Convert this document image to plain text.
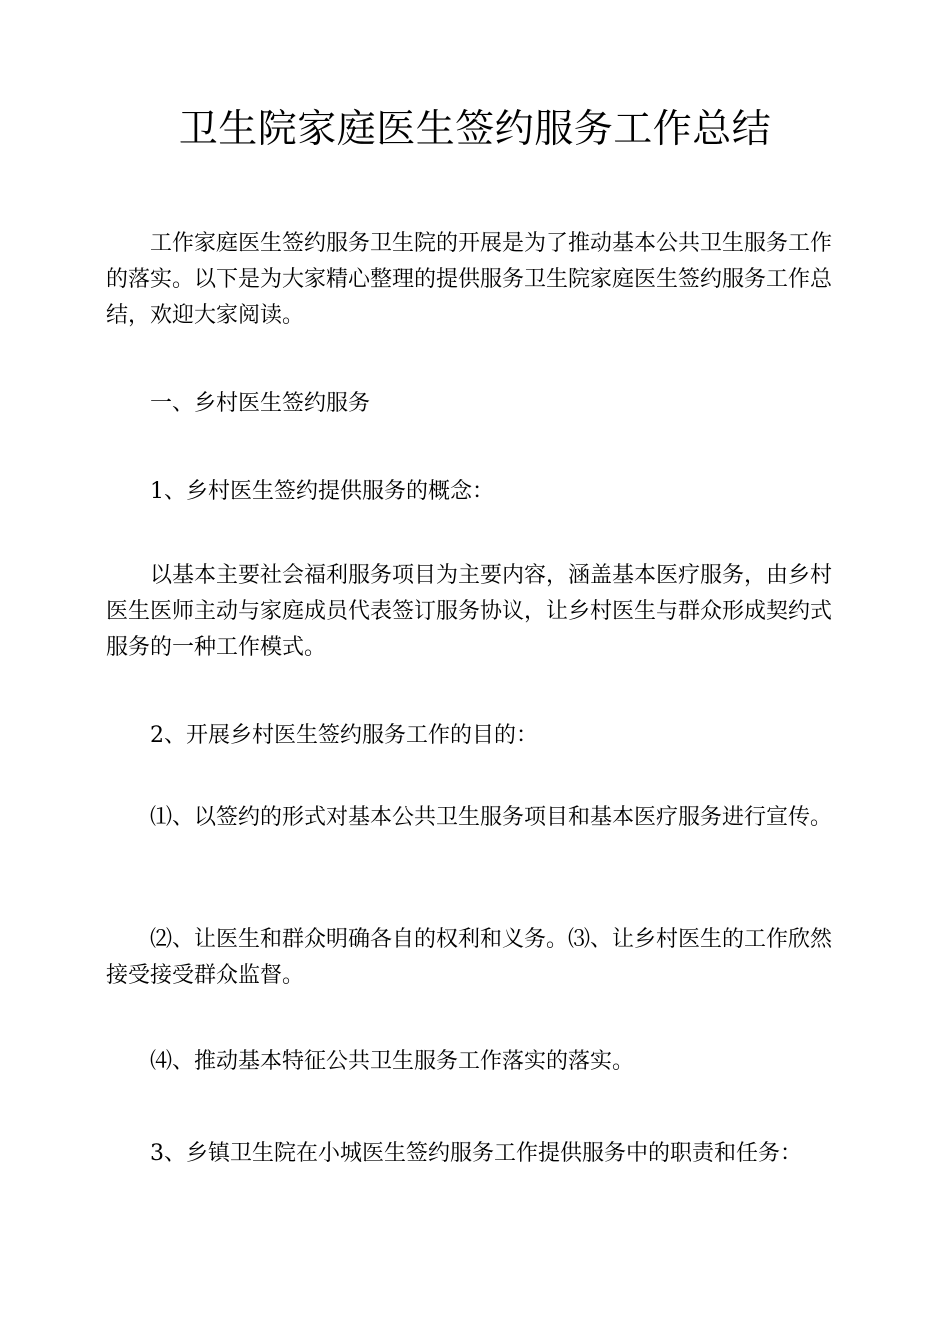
卫生院家庭医生签约服务工作总结

工作家庭医生签约服务卫生院的开展是为了推动基本公共卫生服务工作的落实。以下是为大家精心整理的提供服务卫生院家庭医生签约服务工作总结，欢迎大家阅读。

一、乡村医生签约服务

1、乡村医生签约提供服务的概念：

以基本主要社会福利服务项目为主要内容，涵盖基本医疗服务，由乡村医生医师主动与家庭成员代表签订服务协议，让乡村医生与群众形成契约式服务的一种工作模式。

2、开展乡村医生签约服务工作的目的：

⑴、以签约的形式对基本公共卫生服务项目和基本医疗服务进行宣传。

⑵、让医生和群众明确各自的权利和义务。⑶、让乡村医生的工作欣然接受接受群众监督。

⑷、推动基本特征公共卫生服务工作落实的落实。

3、乡镇卫生院在小城医生签约服务工作提供服务中的职责和任务：
